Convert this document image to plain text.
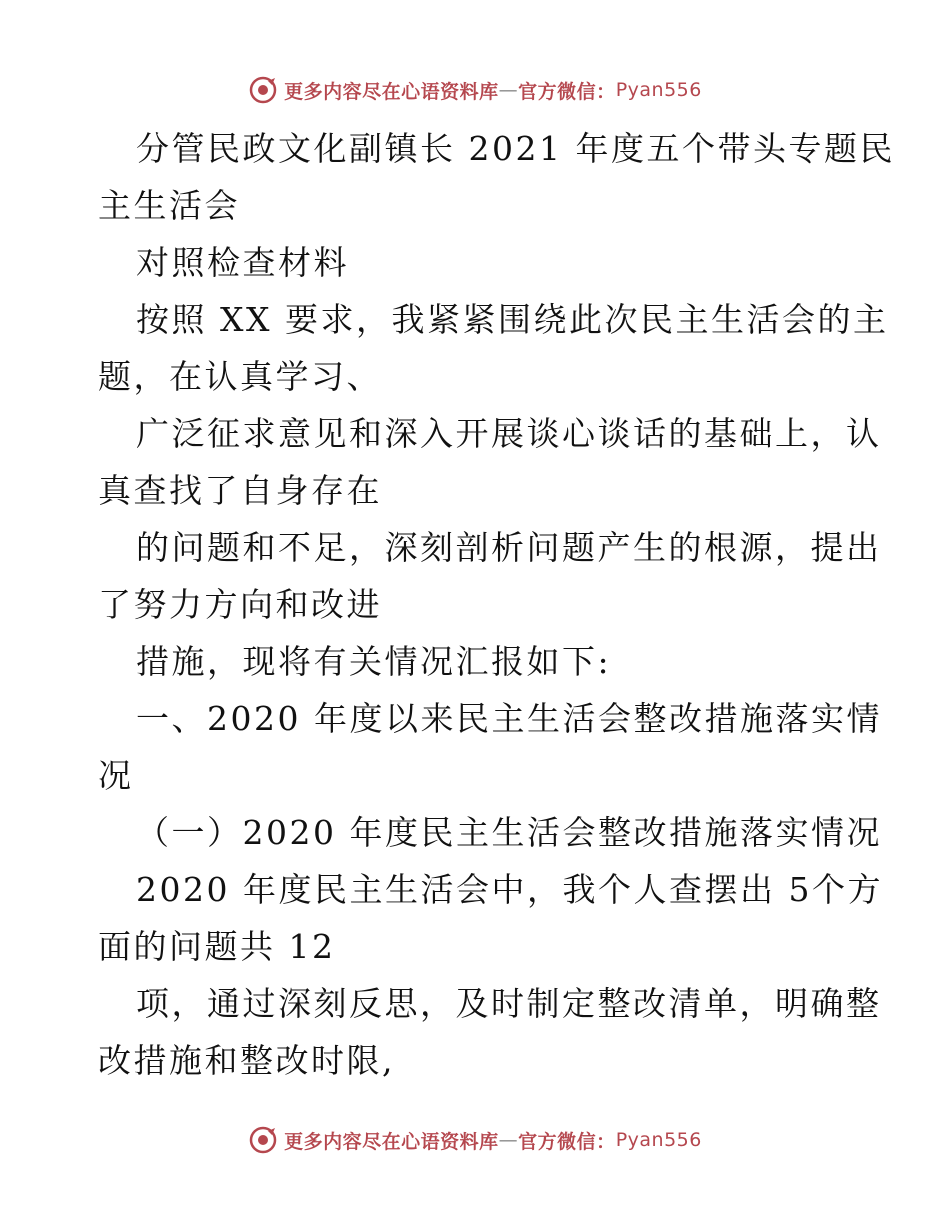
更多内容尽在心语资料库 — 官方微信： Pyan556
分管民政文化副镇长 2021 年度五个带头专题民
主生活会
对照检查材料
按照 XX 要求，我紧紧围绕此次民主生活会的主
题，在认真学习、
广泛征求意见和深入开展谈心谈话的基础上，认
真查找了自身存在
的问题和不足，深刻剖析问题产生的根源，提出
了努力方向和改进
措施，现将有关情况汇报如下:
一、2020 年度以来民主生活会整改措施落实情
况
（一）2020 年度民主生活会整改措施落实情况
2020 年度民主生活会中，我个人查摆出 5个方
面的问题共 12
项，通过深刻反思，及时制定整改清单，明确整
改措施和整改时限,
更多内容尽在心语资料库 — 官方微信： Pyan556
